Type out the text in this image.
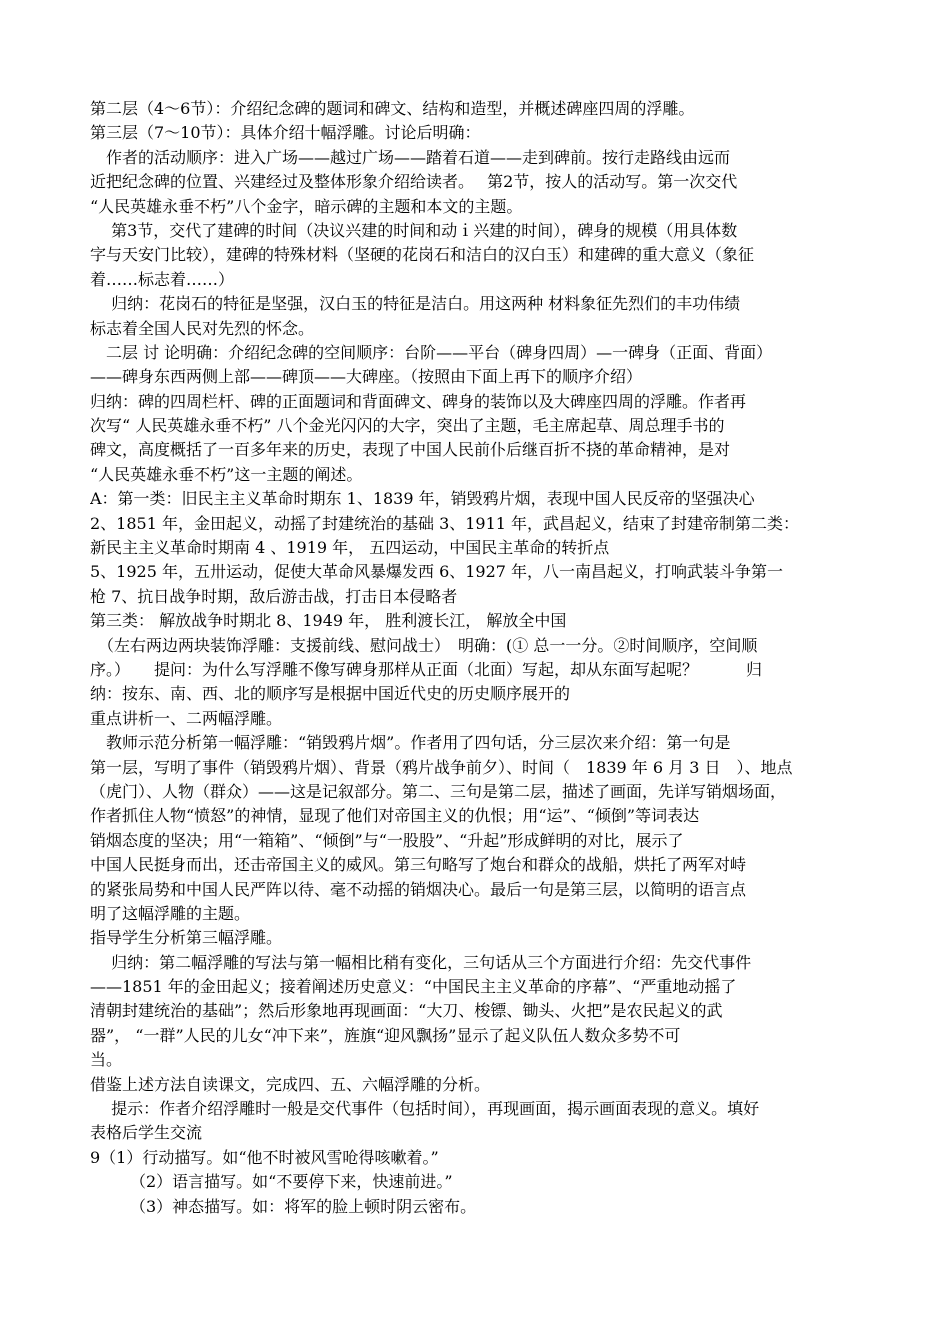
第二层（4～6节）：介绍纪念碑的题词和碑文、结构和造型，并概述碑座四周的浮雕。
第三层（7～10节）：具体介绍十幅浮雕。讨论后明确：
　作者的活动顺序：进入广场——越过广场——踏着石道——走到碑前。按行走路线由远而
近把纪念碑的位置、兴建经过及整体形象介绍给读者。　 第2节，按人的活动写。第一次交代
“人民英雄永垂不朽”八个金字，暗示碑的主题和本文的主题。
　 第3节，交代了建碑的时间（决议兴建的时间和动ｉ兴建的时间），碑身的规模（用具体数
字与天安门比较），建碑的特殊材料（坚硬的花岗石和洁白的汉白玉）和建碑的重大意义（象征
着……标志着……）
　 归纳：花岗石的特征是坚强，汉白玉的特征是洁白。用这两种 材料象征先烈们的丰功伟绩
标志着全国人民对先烈的怀念。
　二层 讨 论明确：介绍纪念碑的空间顺序：台阶——平台（碑身四周）—一碑身（正面、背面）
——碑身东西两侧上部——碑顶——大碑座。（按照由下面上再下的顺序介绍）
归纳：碑的四周栏杆、碑的正面题词和背面碑文、碑身的装饰以及大碑座四周的浮雕。作者再
次写“ 人民英雄永垂不朽” 八个金光闪闪的大字，突出了主题，毛主席起草、周总理手书的
碑文，高度概括了一百多年来的历史，表现了中国人民前仆后继百折不挠的革命精神，是对
“人民英雄永垂不朽”这一主题的阐述。
A：第一类：旧民主主义革命时期东 1、1839 年，销毁鸦片烟，表现中国人民反帝的坚强决心
2、1851 年，金田起义，动摇了封建统治的基础 3、1911 年，武昌起义，结束了封建帝制第二类：
新民主主义革命时期南 4 、1919 年， 五四运动，中国民主革命的转折点
5、1925 年，五卅运动，促使大革命风暴爆发西 6、1927 年，八一南昌起义，打响武装斗争第一
枪 7、抗日战争时期，敌后游击战，打击日本侵略者
第三类： 解放战争时期北 8、1949 年， 胜利渡长江， 解放全中国
　（左右两边两块装饰浮雕：支援前线、慰问战士）　明确：(① 总一一分。②时间顺序，空间顺
序。）　　提问：为什么写浮雕不像写碑身那样从正面（北面）写起，却从东面写起呢？　　　归
纳：按东、南、西、北的顺序写是根据中国近代史的历史顺序展开的
重点讲析一、二两幅浮雕。
　教师示范分析第一幅浮雕：“销毁鸦片烟”。作者用了四句话，分三层次来介绍：第一句是
第一层，写明了事件（销毁鸦片烟）、背景（鸦片战争前夕）、时间（　1839 年 6 月 3 日　）、地点
（虎门）、人物（群众）——这是记叙部分。第二、三句是第二层，描述了画面，先详写销烟场面，
作者抓住人物“愤怒”的神情，显现了他们对帝国主义的仇恨；用“运”、“倾倒”等词表达
销烟态度的坚决；用“一箱箱”、“倾倒”与“一股股”、“升起”形成鲜明的对比，展示了
中国人民挺身而出，还击帝国主义的威风。第三句略写了炮台和群众的战船，烘托了两军对峙
的紧张局势和中国人民严阵以待、毫不动摇的销烟决心。最后一句是第三层，以简明的语言点
明了这幅浮雕的主题。
指导学生分析第三幅浮雕。
　 归纳：第二幅浮雕的写法与第一幅相比稍有变化，三句话从三个方面进行介绍：先交代事件
——1851 年的金田起义；接着阐述历史意义：“中国民主主义革命的序幕”、“严重地动摇了
清朝封建统治的基础”；然后形象地再现画面：“大刀、梭镖、锄头、火把”是农民起义的武
器”， “一群”人民的儿女“冲下来”，旌旗“迎风飘扬”显示了起义队伍人数众多势不可
当。
借鉴上述方法自读课文，完成四、五、六幅浮雕的分析。
　 提示：作者介绍浮雕时一般是交代事件（包括时间），再现画面，揭示画面表现的意义。填好
表格后学生交流
9（1）行动描写。如“他不时被风雪呛得咳嗽着。”
　　　（2）语言描写。如“不要停下来，快速前进。”
　　　（3）神态描写。如：将军的脸上顿时阴云密布。
